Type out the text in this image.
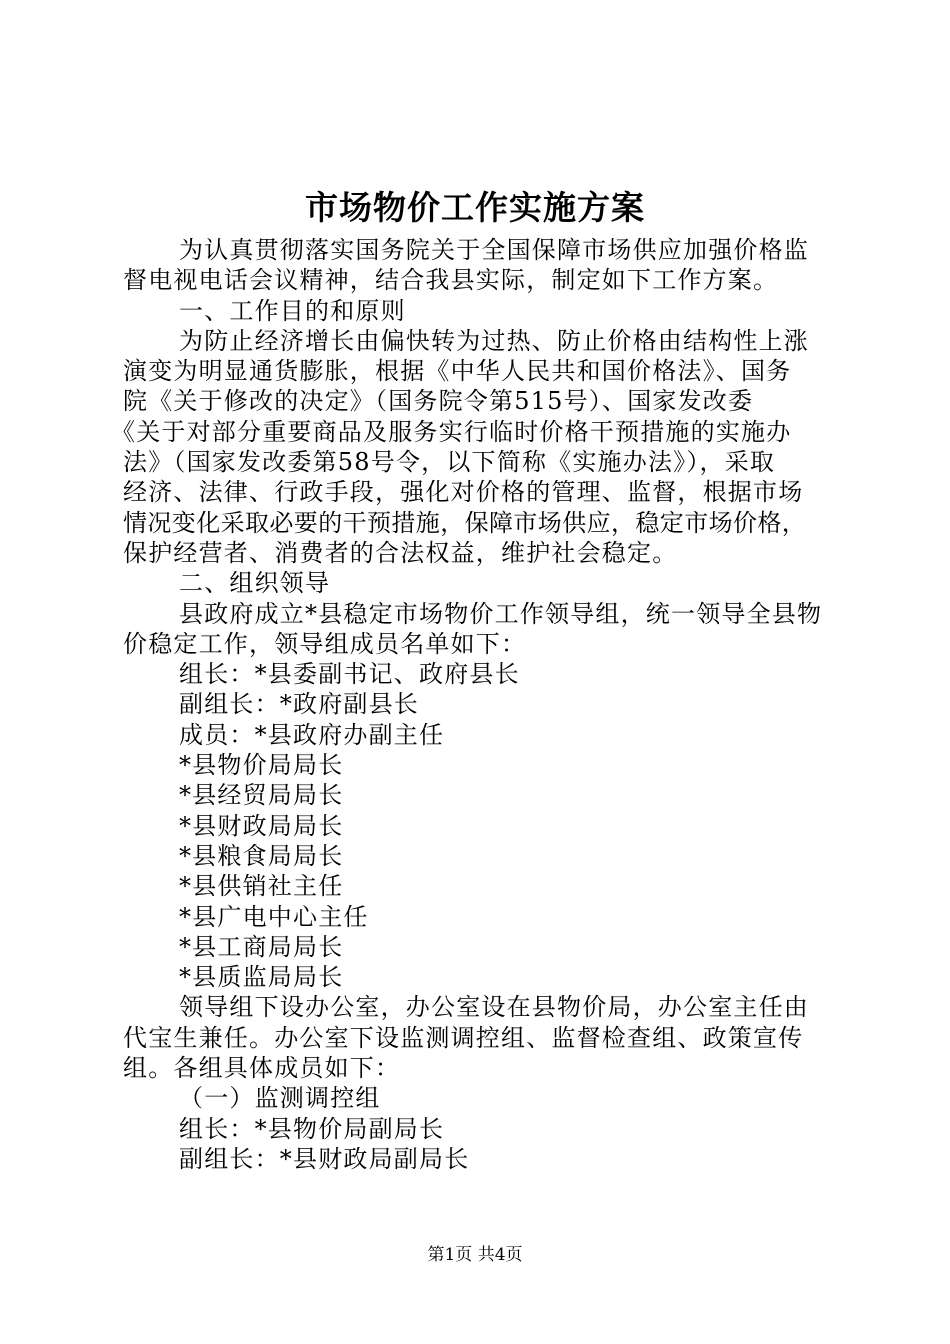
市场物价工作实施方案

为认真贯彻落实国务院关于全国保障市场供应加强价格监

督电视电话会议精神，结合我县实际，制定如下工作方案。

一、工作目的和原则

为防止经济增长由偏快转为过热、防止价格由结构性上涨

演变为明显通货膨胀，根据《中华人民共和国价格法》、国务

院《关于修改的决定》（国务院令第515号）、国家发改委

《关于对部分重要商品及服务实行临时价格干预措施的实施办

法》（国家发改委第58号令，以下简称《实施办法》），采取

经济、法律、行政手段，强化对价格的管理、监督，根据市场

情况变化采取必要的干预措施，保障市场供应，稳定市场价格，

保护经营者、消费者的合法权益，维护社会稳定。

二、组织领导

县政府成立*县稳定市场物价工作领导组，统一领导全县物

价稳定工作，领导组成员名单如下：

组长：*县委副书记、政府县长

副组长：*政府副县长

成员：*县政府办副主任

*县物价局局长

*县经贸局局长

*县财政局局长

*县粮食局局长

*县供销社主任

*县广电中心主任

*县工商局局长

*县质监局局长

领导组下设办公室，办公室设在县物价局，办公室主任由

代宝生兼任。办公室下设监测调控组、监督检查组、政策宣传

组。各组具体成员如下：

（一）监测调控组

组长：*县物价局副局长

副组长：*县财政局副局长

第1页 共4页
